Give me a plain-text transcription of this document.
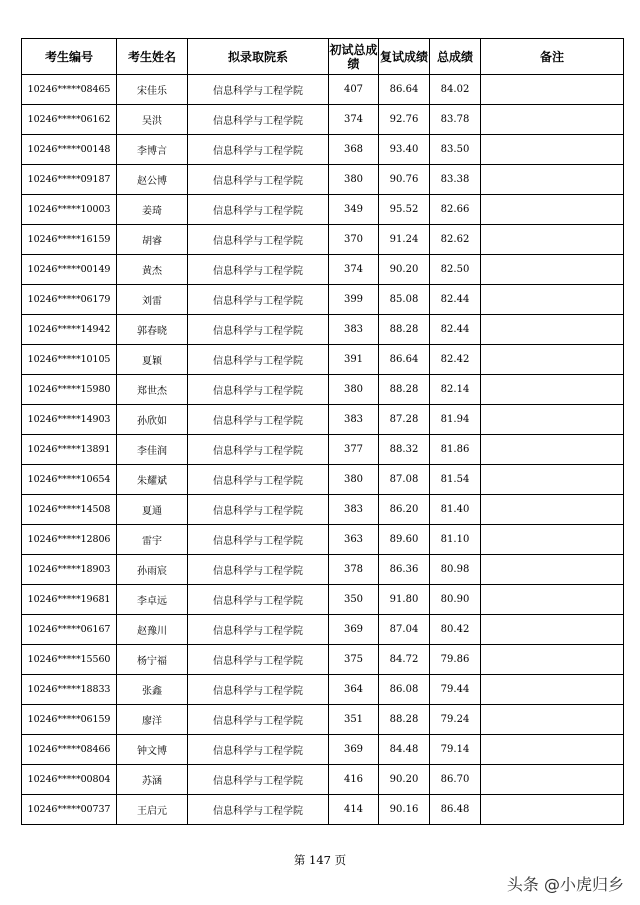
考生编号	考生姓名	拟录取院系	初试总成绩	复试成绩	总成绩	备注
10246*****08465	宋佳乐	信息科学与工程学院	407	86.64	84.02	
10246*****06162	吴洪	信息科学与工程学院	374	92.76	83.78	
10246*****00148	李博言	信息科学与工程学院	368	93.40	83.50	
10246*****09187	赵公博	信息科学与工程学院	380	90.76	83.38	
10246*****10003	姜琦	信息科学与工程学院	349	95.52	82.66	
10246*****16159	胡睿	信息科学与工程学院	370	91.24	82.62	
10246*****00149	黄杰	信息科学与工程学院	374	90.20	82.50	
10246*****06179	刘雷	信息科学与工程学院	399	85.08	82.44	
10246*****14942	郭春晓	信息科学与工程学院	383	88.28	82.44	
10246*****10105	夏颖	信息科学与工程学院	391	86.64	82.42	
10246*****15980	郑世杰	信息科学与工程学院	380	88.28	82.14	
10246*****14903	孙欣如	信息科学与工程学院	383	87.28	81.94	
10246*****13891	李佳润	信息科学与工程学院	377	88.32	81.86	
10246*****10654	朱耀斌	信息科学与工程学院	380	87.08	81.54	
10246*****14508	夏通	信息科学与工程学院	383	86.20	81.40	
10246*****12806	雷宇	信息科学与工程学院	363	89.60	81.10	
10246*****18903	孙雨宸	信息科学与工程学院	378	86.36	80.98	
10246*****19681	李卓远	信息科学与工程学院	350	91.80	80.90	
10246*****06167	赵豫川	信息科学与工程学院	369	87.04	80.42	
10246*****15560	杨宁福	信息科学与工程学院	375	84.72	79.86	
10246*****18833	张鑫	信息科学与工程学院	364	86.08	79.44	
10246*****06159	廖洋	信息科学与工程学院	351	88.28	79.24	
10246*****08466	钟文博	信息科学与工程学院	369	84.48	79.14	
10246*****00804	苏涵	信息科学与工程学院	416	90.20	86.70	
10246*****00737	王启元	信息科学与工程学院	414	90.16	86.48	
第 147 页
头条 @小虎归乡
